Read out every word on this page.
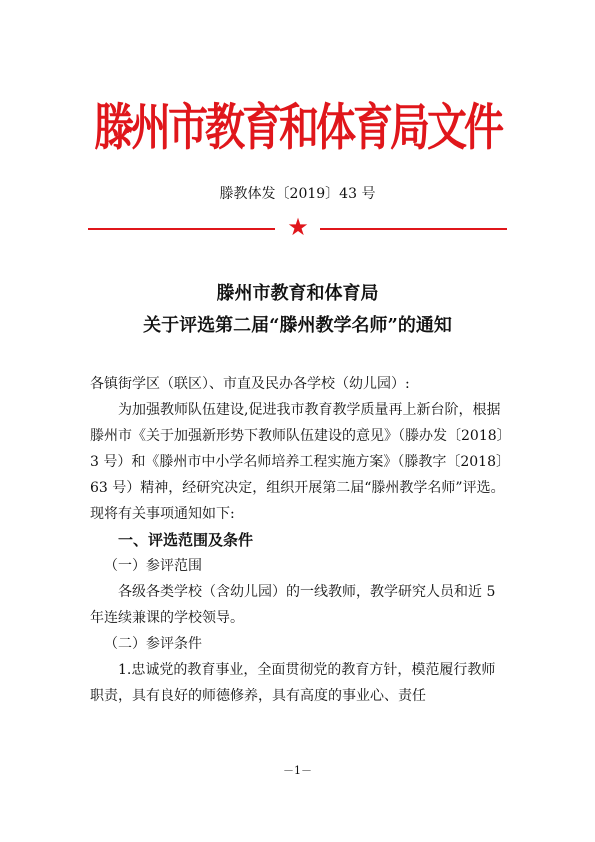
滕州市教育和体育局文件
滕教体发〔2019〕43 号
★
滕州市教育和体育局
关于评选第二届“滕州教学名师”的通知

各镇街学区（联区）、市直及民办各学校（幼儿园）:

为加强教师队伍建设,促进我市教育教学质量再上新台阶，根据滕州市《关于加强新形势下教师队伍建设的意见》（滕办发〔2018〕3 号）和《滕州市中小学名师培养工程实施方案》（滕教字〔2018〕63 号）精神，经研究决定，组织开展第二届“滕州教学名师”评选。现将有关事项通知如下:

一、评选范围及条件

（一）参评范围

各级各类学校（含幼儿园）的一线教师，教学研究人员和近 5 年连续兼课的学校领导。

（二）参评条件

1.忠诚党的教育事业，全面贯彻党的教育方针，模范履行教师职责，具有良好的师德修养，具有高度的事业心、责任

－1－
